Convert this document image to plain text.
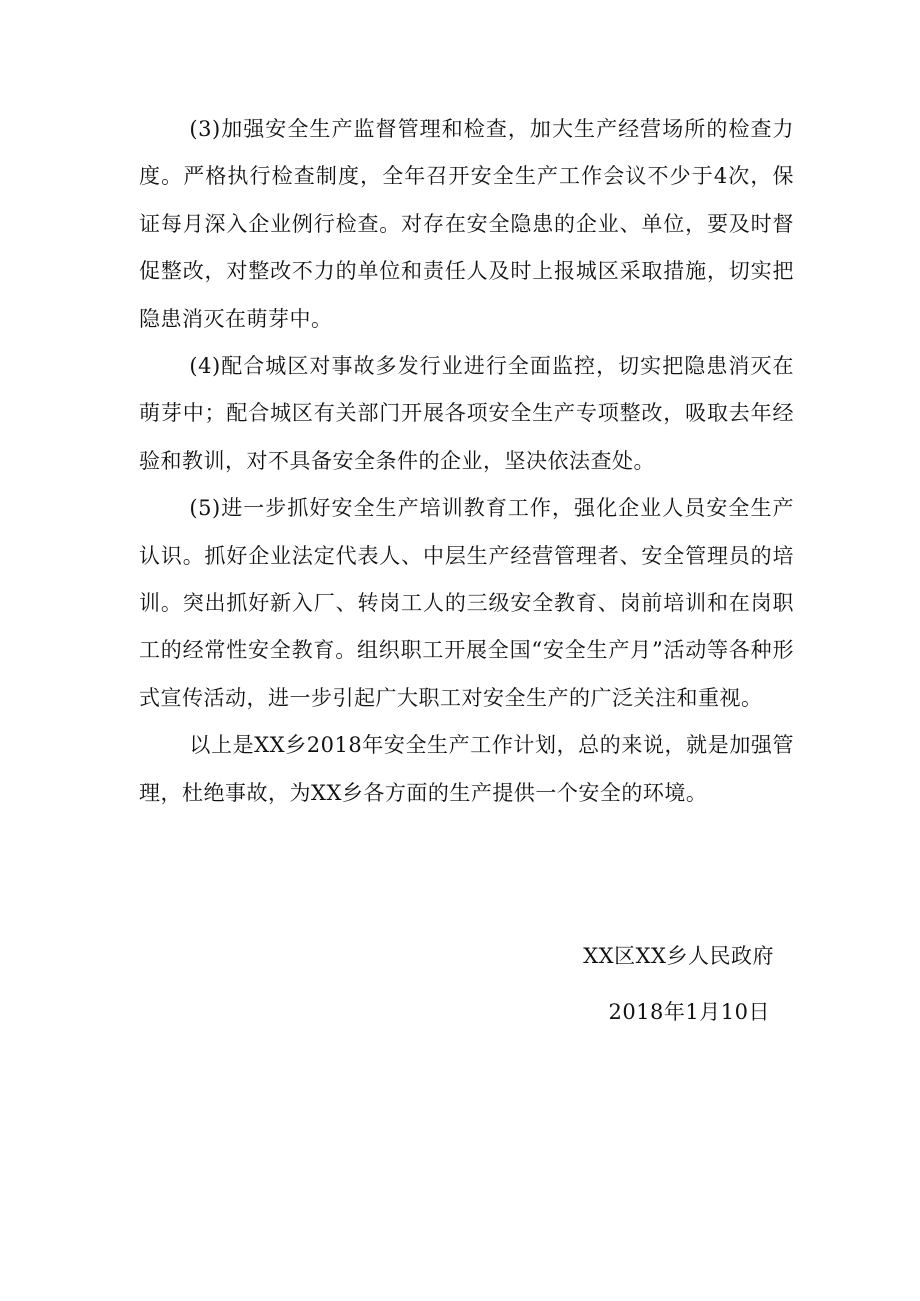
(3)加强安全生产监督管理和检查，加大生产经营场所的检查力度。严格执行检查制度，全年召开安全生产工作会议不少于4次，保证每月深入企业例行检查。对存在安全隐患的企业、单位，要及时督促整改，对整改不力的单位和责任人及时上报城区采取措施，切实把隐患消灭在萌芽中。

(4)配合城区对事故多发行业进行全面监控，切实把隐患消灭在萌芽中；配合城区有关部门开展各项安全生产专项整改，吸取去年经验和教训，对不具备安全条件的企业，坚决依法查处。

(5)进一步抓好安全生产培训教育工作，强化企业人员安全生产认识。抓好企业法定代表人、中层生产经营管理者、安全管理员的培训。突出抓好新入厂、转岗工人的三级安全教育、岗前培训和在岗职工的经常性安全教育。组织职工开展全国“安全生产月”活动等各种形式宣传活动，进一步引起广大职工对安全生产的广泛关注和重视。

以上是XX乡2018年安全生产工作计划，总的来说，就是加强管理，杜绝事故，为XX乡各方面的生产提供一个安全的环境。

XX区XX乡人民政府
2018年1月10日
